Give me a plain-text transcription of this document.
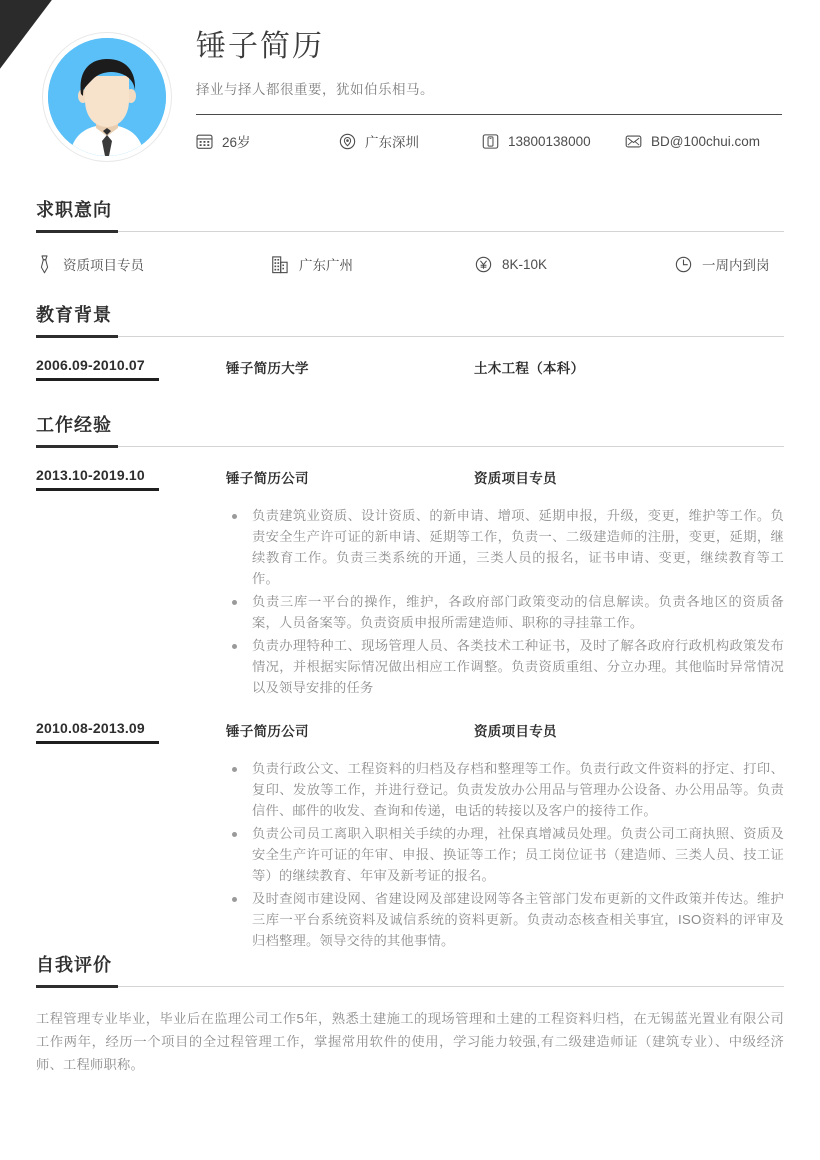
锤子简历
择业与择人都很重要，犹如伯乐相马。
26岁	广东深圳	13800138000	BD@100chui.com
求职意向
资质项目专员	广东广州	8K-10K	一周内到岗
教育背景
2006.09-2010.07	锤子简历大学	土木工程（本科）
工作经验
2013.10-2019.10	锤子简历公司	资质项目专员

负责建筑业资质、设计资质、的新申请、增项、延期申报，升级，变更，维护等工作。负责安全生产许可证的新申请、延期等工作，负责一、二级建造师的注册，变更，延期，继续教育工作。负责三类系统的开通，三类人员的报名，证书申请、变更，继续教育等工作。

负责三库一平台的操作，维护，各政府部门政策变动的信息解读。负责各地区的资质备案，人员备案等。负责资质申报所需建造师、职称的寻挂靠工作。

负责办理特种工、现场管理人员、各类技术工种证书，及时了解各政府行政机构政策发布情况，并根据实际情况做出相应工作调整。负责资质重组、分立办理。其他临时异常情况以及领导安排的任务

2010.08-2013.09	锤子简历公司	资质项目专员

负责行政公文、工程资料的归档及存档和整理等工作。负责行政文件资料的抒定、打印、复印、发放等工作，并进行登记。负责发放办公用品与管理办公设备、办公用品等。负责信件、邮件的收发、查询和传递，电话的转接以及客户的接待工作。

负责公司员工离职入职相关手续的办理，社保真增减员处理。负责公司工商执照、资质及安全生产许可证的年审、申报、换证等工作；员工岗位证书（建造师、三类人员、技工证等）的继续教育、年审及新考证的报名。

及时查阅市建设网、省建设网及部建设网等各主管部门发布更新的文件政策并传达。维护三库一平台系统资料及诚信系统的资料更新。负责动态核查相关事宜，ISO资料的评审及归档整理。领导交待的其他事情。

自我评价
工程管理专业毕业，毕业后在监理公司工作5年，熟悉土建施工的现场管理和土建的工程资料归档，在无锡蓝光置业有限公司工作两年，经历一个项目的全过程管理工作，掌握常用软件的使用，学习能力较强,有二级建造师证（建筑专业）、中级经济师、工程师职称。
